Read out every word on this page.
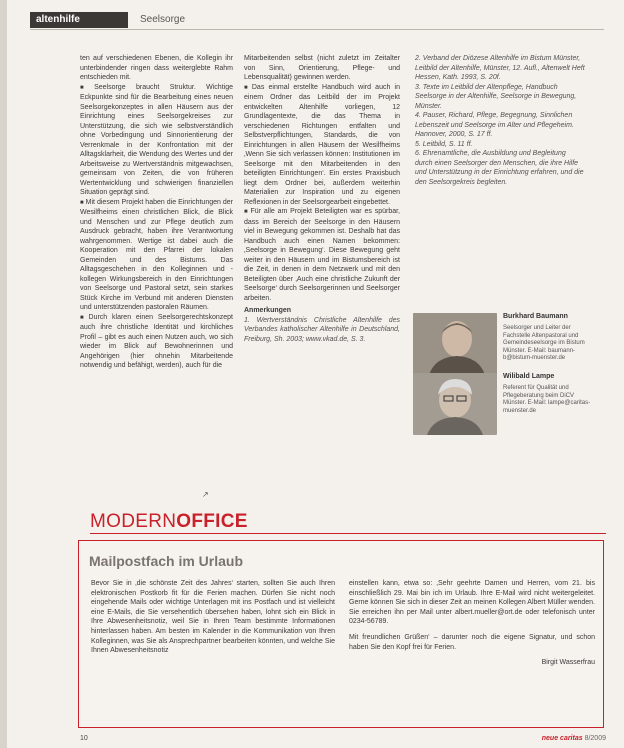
altenhilfe	Seelsorge

ten auf verschiedenen Ebenen, die Kollegin ihr unterbindender ringen dass weiterglebte Rahm entschieden mit.

■ Seelsorge braucht Struktur. Wichtige Eckpunkte sind für die Bearbeitung eines neuen Seelsorgekonzeptes in allen Häusern aus der Einrichtung eines Seelsorgekreises zur Unterstützung, die sich wie selbstverständlich ohne Vorbedingung und Sinnorientierung der Verrenkmale in der Konfrontation mit der Alltagsklarheit, die Wendung des Wertes und der Arbeitsweise zu Wertverständnis mitgewachsen, gemeinsam von Zeiten, die von früheren Wertentwicklung und schwierigen finanziellen Situation geprägt sind.

■ Mit diesem Projekt haben die Einrichtungen der Wesilfheims einen christlichen Blick, die Blick und Menschen und zur Pflege deutlich zum Ausdruck gebracht, haben ihre Verantwortung wahrgenommen. Wertige ist dabei auch die Kooperation mit den Pfarrei der lokalen Gemeinden und des Bistums. Das Alltagsgeschehen in den Kolleginnen und -kollegen Wirkungsbereich in den Einrichtungen von Seelsorge und Pastoral setzt, sein starkes Stück Kirche im Verbund mit anderen Diensten und unterstützenden pastoralen Räumen.

■ Durch klaren einen Seelsorgerechtskonzept auch ihre christliche Identität und kirchliches Profil – gibt es auch einen Nutzen auch, wo sich wieder im Blick auf Bewohnerinnen und Angehörigen (hier ohnehin Mitarbeitende notwendig und befähigt, werden), auch für die

Mitarbeitenden selbst (nicht zuletzt im Zeitalter von Sinn, Orientierung, Pflege- und Lebensqualität) gewinnen werden.

■ Das einmal erstellte Handbuch wird auch in einem Ordner das Leitbild der im Projekt entwickelten Altenhilfe vorliegen, 12 Grundlagentexte, die das Thema in verschiedenen Richtungen entfalten und Selbstverpflichtungen, Standards, die von Einrichtungen in allen Häusern der Wesilfheims ‚Wenn Sie sich verlassen können: Institutionen im Seelsorge mit den Mitarbeitenden in den beteiligten Einrichtungen‘. Ein erstes Praxisbuch liegt dem Ordner bei, außerdem weiterhin Materialien zur Inspiration und zu eigenen Reflexionen in der Seelsorgearbeit eingebettet.

■ Für alle am Projekt Beteiligten war es spürbar, dass im Bereich der Seelsorge in den Häusern viel in Bewegung gekommen ist. Deshalb hat das Handbuch auch einen Namen bekommen: ‚Seelsorge in Bewegung‘. Diese Bewegung geht weiter in den Häusern und im Bistumsbereich ist die Zeit, in denen in dem Netzwerk und mit den Beteiligten über ‚Auch eine christliche Zukunft der Seelsorge‘ durch Seelsorgerinnen und Seelsorger arbeiten.

Anmerkungen

1. Wertverständnis Christliche Altenhilfe des Verbandes katholischer Altenhilfe in Deutschland, Freiburg, Sh. 2003; www.vkad.de, S. 3.

2. Verband der Diözese Altenhilfe im Bistum Münster, Leitbild der Altenhilfe, Münster, 12. Aufl., Altenwelt Heft Hessen, Kath. 1993, S. 20f.

3. Texte im Leitbild der Altenpflege, Handbuch Seelsorge in der Altenhilfe, Seelsorge in Bewegung, Münster.

4. Pauser, Richard, Pflege, Begegnung, Sinnlichen Lebenszeit und Seelsorge im Alter und Pflegeheim. Hannover, 2000, S. 17 ff.

5. Leitbild, S. 11 ff.

6. Ehrenamtliche, die Ausbildung und Begleitung durch einen Seelsorger den Menschen, die ihre Hilfe und Unterstützung in der Einrichtung erfahren, und die den Seelsorgekreis begleiten.

Burkhard Baumann
Seelsorger und Leiter der Fachstelle Altenpastoral und Gemeindeseelsorge im Bistum Münster. E-Mail: baumann-b@bistum-muenster.de
Wilibald Lampe
Referent für Qualität und Pflegeberatung beim DiCV Münster. E-Mail: lampe@caritas-muenster.de
↗
MODERNOFFICE
Mailpostfach im Urlaub

Bevor Sie in ‚die schönste Zeit des Jahres‘ starten, sollten Sie auch Ihren elektronischen Postkorb fit für die Ferien machen. Dürfen Sie nicht noch eingehende Mails oder wichtige Unterlagen mit ins Postfach und ist vielleicht eine E-Mails, die Sie versehentlich übersehen haben, lohnt sich ein Blick in Ihre Abwesenheitsnotiz, weil Sie in Ihren Team bestimmte Informationen hinterlassen haben. Am besten im Kalender in die Kommunikation von Ihren Kolleginnen, was Sie als Ansprechpartner bearbeiten könnten, und welche Sie Ihnen Abwesenheitsnotiz

einstellen kann, etwa so: ‚Sehr geehrte Damen und Herren, vom 21. bis einschließlich 29. Mai bin ich im Urlaub. Ihre E-Mail wird nicht weitergeleitet. Gerne können Sie sich in dieser Zeit an meinen Kollegen Albert Müller wenden. Sie erreichen ihn per Mail unter albert.mueller@ort.de oder telefonisch unter 0234-56789.

Mit freundlichen Grüßen‘ – darunter noch die eigene Signatur, und schon haben Sie den Kopf frei für Ferien.

Birgit Wasserfrau
10	neue caritas 8/2009
